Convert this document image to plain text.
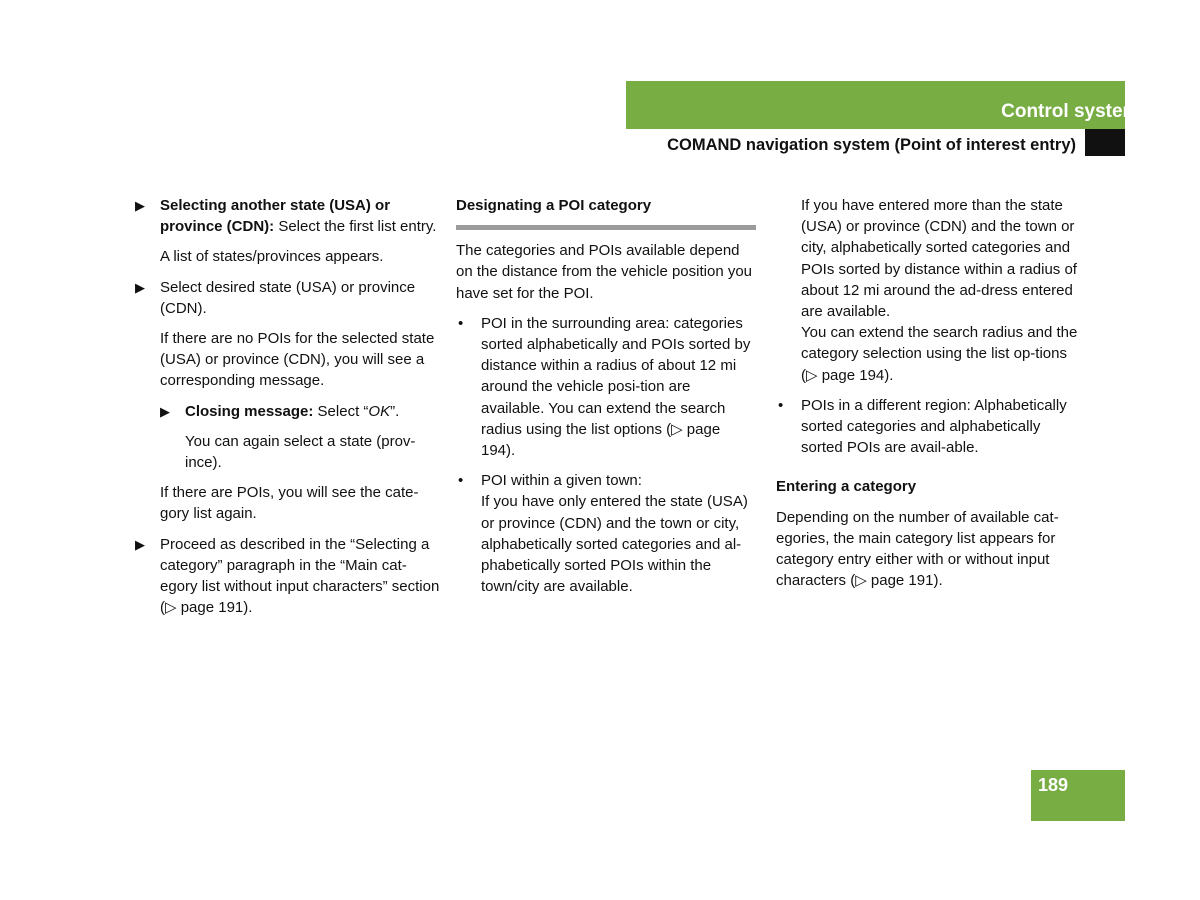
Control systems
COMAND navigation system (Point of interest entry)
▶ Selecting another state (USA) or province (CDN): Select the first list entry.
A list of states/provinces appears.
▶ Select desired state (USA) or province (CDN).
If there are no POIs for the selected state (USA) or province (CDN), you will see a corresponding message.
▶ Closing message: Select “OK”.
You can again select a state (prov-ince).
If there are POIs, you will see the cate-gory list again.
▶ Proceed as described in the “Selecting a category” paragraph in the “Main cat-egory list without input characters” section (▷ page 191).
Designating a POI category
The categories and POIs available depend on the distance from the vehicle position you have set for the POI.
• POI in the surrounding area: categories sorted alphabetically and POIs sorted by distance within a radius of about 12 mi around the vehicle posi-tion are available. You can extend the search radius using the list options (▷ page 194).
• POI within a given town:
If you have only entered the state (USA) or province (CDN) and the town or city, alphabetically sorted categories and al-phabetically sorted POIs within the town/city are available.
If you have entered more than the state (USA) or province (CDN) and the town or city, alphabetically sorted categories and POIs sorted by distance within a radius of about 12 mi around the ad-dress entered are available.
You can extend the search radius and the category selection using the list op-tions (▷ page 194).
• POIs in a different region: Alphabetically sorted categories and alphabetically sorted POIs are avail-able.
Entering a category
Depending on the number of available cat-egories, the main category list appears for category entry either with or without input characters (▷ page 191).
189
